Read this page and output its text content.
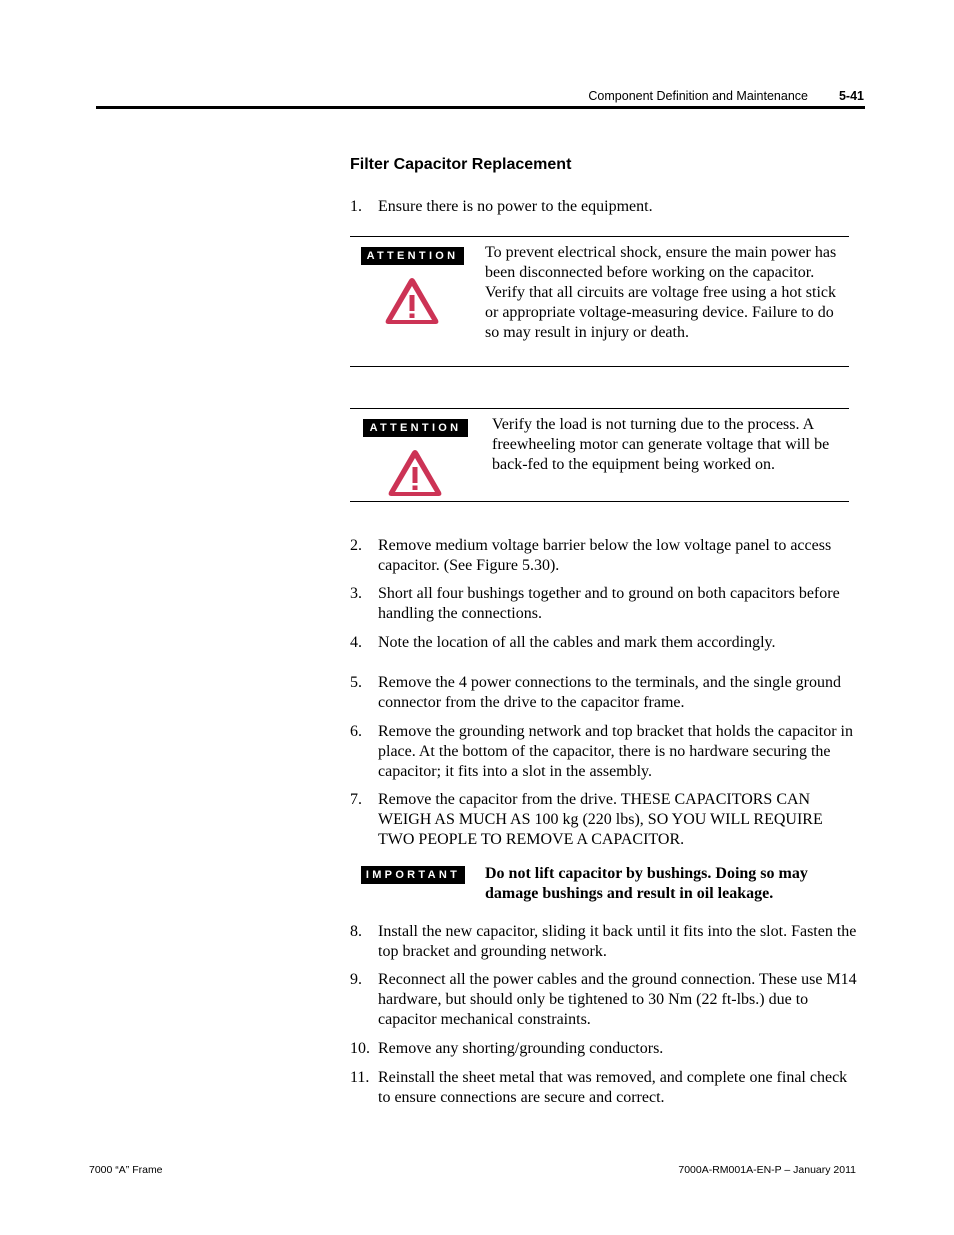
Component Definition and Maintenance 5-41
Filter Capacitor Replacement
1.	Ensure there is no power to the equipment.
ATTENTION	To prevent electrical shock, ensure the main power has been disconnected before working on the capacitor. Verify that all circuits are voltage free using a hot stick or appropriate voltage-measuring device. Failure to do so may result in injury or death.
ATTENTION	Verify the load is not turning due to the process. A freewheeling motor can generate voltage that will be back-fed to the equipment being worked on.
2.	Remove medium voltage barrier below the low voltage panel to access capacitor. (See Figure 5.30).
3.	Short all four bushings together and to ground on both capacitors before handling the connections.
4.	Note the location of all the cables and mark them accordingly.
5.	Remove the 4 power connections to the terminals, and the single ground connector from the drive to the capacitor frame.
6.	Remove the grounding network and top bracket that holds the capacitor in place. At the bottom of the capacitor, there is no hardware securing the capacitor; it fits into a slot in the assembly.
7.	Remove the capacitor from the drive. THESE CAPACITORS CAN WEIGH AS MUCH AS 100 kg (220 lbs), SO YOU WILL REQUIRE TWO PEOPLE TO REMOVE A CAPACITOR.
IMPORTANT	Do not lift capacitor by bushings. Doing so may damage bushings and result in oil leakage.
8.	Install the new capacitor, sliding it back until it fits into the slot. Fasten the top bracket and grounding network.
9.	Reconnect all the power cables and the ground connection. These use M14 hardware, but should only be tightened to 30 Nm (22 ft-lbs.) due to capacitor mechanical constraints.
10. Remove any shorting/grounding conductors.
11. Reinstall the sheet metal that was removed, and complete one final check to ensure connections are secure and correct.
7000 “A” Frame	7000A-RM001A-EN-P – January 2011
